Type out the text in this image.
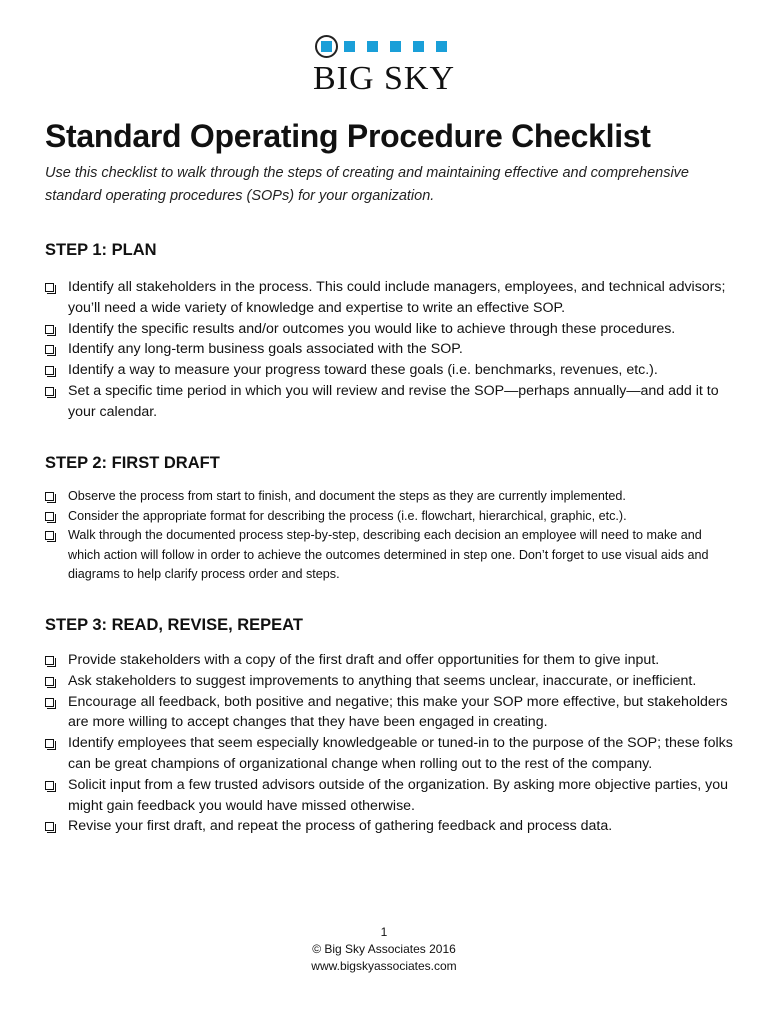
BIG SKY
Standard Operating Procedure Checklist
Use this checklist to walk through the steps of creating and maintaining effective and comprehensive standard operating procedures (SOPs) for your organization.
STEP 1: PLAN
Identify all stakeholders in the process. This could include managers, employees, and technical advisors; you’ll need a wide variety of knowledge and expertise to write an effective SOP.
Identify the specific results and/or outcomes you would like to achieve through these procedures.
Identify any long-term business goals associated with the SOP.
Identify a way to measure your progress toward these goals (i.e. benchmarks, revenues, etc.).
Set a specific time period in which you will review and revise the SOP—perhaps annually—and add it to your calendar.
STEP 2: FIRST DRAFT
Observe the process from start to finish, and document the steps as they are currently implemented.
Consider the appropriate format for describing the process (i.e. flowchart, hierarchical, graphic, etc.).
Walk through the documented process step-by-step, describing each decision an employee will need to make and which action will follow in order to achieve the outcomes determined in step one. Don’t forget to use visual aids and diagrams to help clarify process order and steps.
STEP 3: READ, REVISE, REPEAT
Provide stakeholders with a copy of the first draft and offer opportunities for them to give input.
Ask stakeholders to suggest improvements to anything that seems unclear, inaccurate, or inefficient.
Encourage all feedback, both positive and negative; this make your SOP more effective, but stakeholders are more willing to accept changes that they have been engaged in creating.
Identify employees that seem especially knowledgeable or tuned-in to the purpose of the SOP; these folks can be great champions of organizational change when rolling out to the rest of the company.
Solicit input from a few trusted advisors outside of the organization. By asking more objective parties, you might gain feedback you would have missed otherwise.
Revise your first draft, and repeat the process of gathering feedback and process data.
1
© Big Sky Associates 2016
www.bigskyassociates.com
